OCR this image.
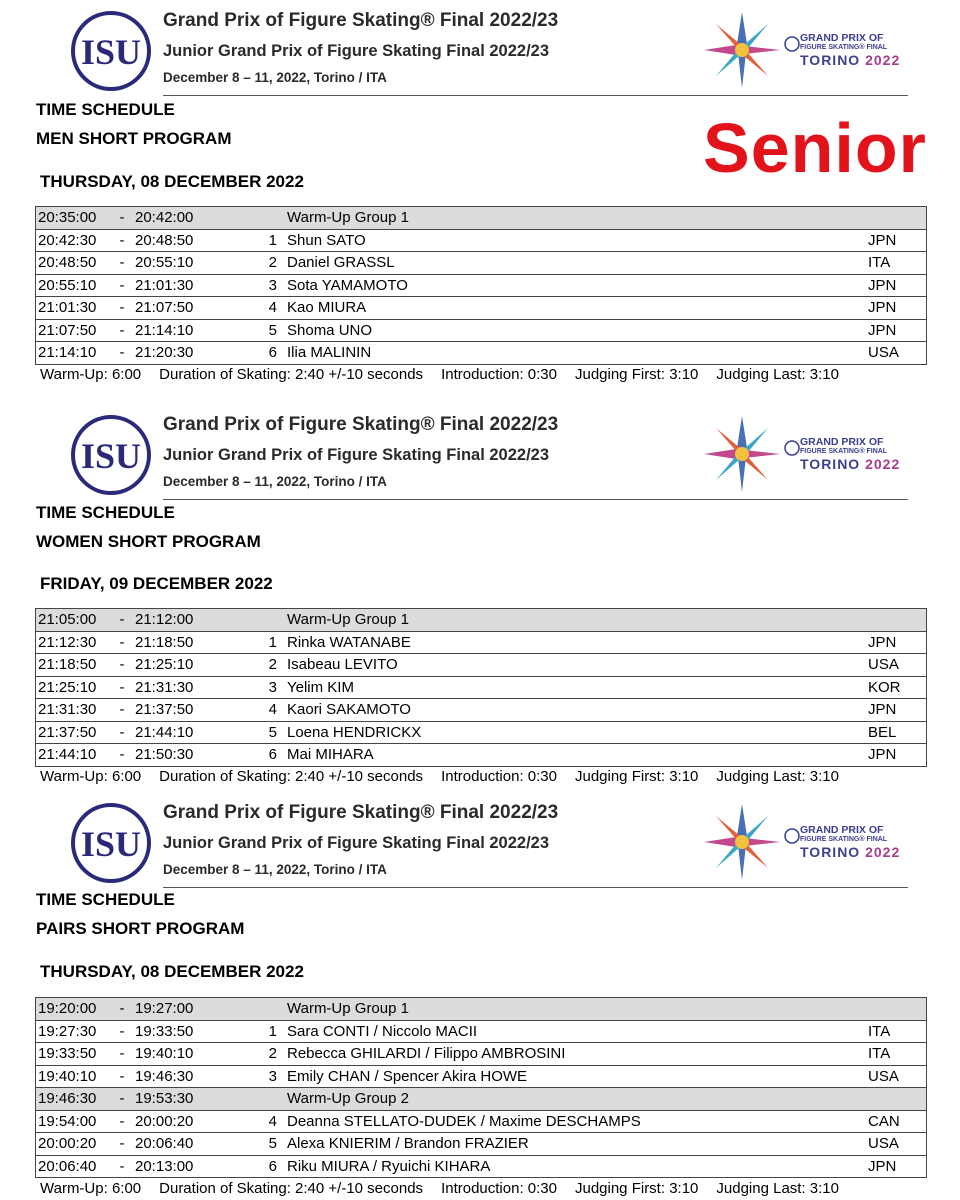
ISU
Grand Prix of Figure Skating® Final 2022/23
Junior Grand Prix of Figure Skating Final 2022/23
December 8 – 11, 2022, Torino / ITA
GRAND PRIX OF
FIGURE SKATING® FINAL
TORINO 2022
TIME SCHEDULE
MEN SHORT PROGRAM	Senior
THURSDAY, 08 DECEMBER 2022
20:35:00	-	20:42:00		Warm-Up Group 1	
20:42:30	-	20:48:50	1	Shun SATO	JPN
20:48:50	-	20:55:10	2	Daniel GRASSL	ITA
20:55:10	-	21:01:30	3	Sota YAMAMOTO	JPN
21:01:30	-	21:07:50	4	Kao MIURA	JPN
21:07:50	-	21:14:10	5	Shoma UNO	JPN
21:14:10	-	21:20:30	6	Ilia MALININ	USA
Warm-Up: 6:00 Duration of Skating: 2:40 +/-10 seconds Introduction: 0:30 Judging First: 3:10 Judging Last: 3:10
ISU
Grand Prix of Figure Skating® Final 2022/23
Junior Grand Prix of Figure Skating Final 2022/23
December 8 – 11, 2022, Torino / ITA
GRAND PRIX OF
FIGURE SKATING® FINAL
TORINO 2022
TIME SCHEDULE
WOMEN SHORT PROGRAM
FRIDAY, 09 DECEMBER 2022
21:05:00	-	21:12:00		Warm-Up Group 1	
21:12:30	-	21:18:50	1	Rinka WATANABE	JPN
21:18:50	-	21:25:10	2	Isabeau LEVITO	USA
21:25:10	-	21:31:30	3	Yelim KIM	KOR
21:31:30	-	21:37:50	4	Kaori SAKAMOTO	JPN
21:37:50	-	21:44:10	5	Loena HENDRICKX	BEL
21:44:10	-	21:50:30	6	Mai MIHARA	JPN
Warm-Up: 6:00 Duration of Skating: 2:40 +/-10 seconds Introduction: 0:30 Judging First: 3:10 Judging Last: 3:10
ISU
Grand Prix of Figure Skating® Final 2022/23
Junior Grand Prix of Figure Skating Final 2022/23
December 8 – 11, 2022, Torino / ITA
GRAND PRIX OF
FIGURE SKATING® FINAL
TORINO 2022
TIME SCHEDULE
PAIRS SHORT PROGRAM
THURSDAY, 08 DECEMBER 2022
19:20:00	-	19:27:00		Warm-Up Group 1	
19:27:30	-	19:33:50	1	Sara CONTI / Niccolo MACII	ITA
19:33:50	-	19:40:10	2	Rebecca GHILARDI / Filippo AMBROSINI	ITA
19:40:10	-	19:46:30	3	Emily CHAN / Spencer Akira HOWE	USA
19:46:30	-	19:53:30		Warm-Up Group 2	
19:54:00	-	20:00:20	4	Deanna STELLATO-DUDEK / Maxime DESCHAMPS	CAN
20:00:20	-	20:06:40	5	Alexa KNIERIM / Brandon FRAZIER	USA
20:06:40	-	20:13:00	6	Riku MIURA / Ryuichi KIHARA	JPN
Warm-Up: 6:00 Duration of Skating: 2:40 +/-10 seconds Introduction: 0:30 Judging First: 3:10 Judging Last: 3:10
